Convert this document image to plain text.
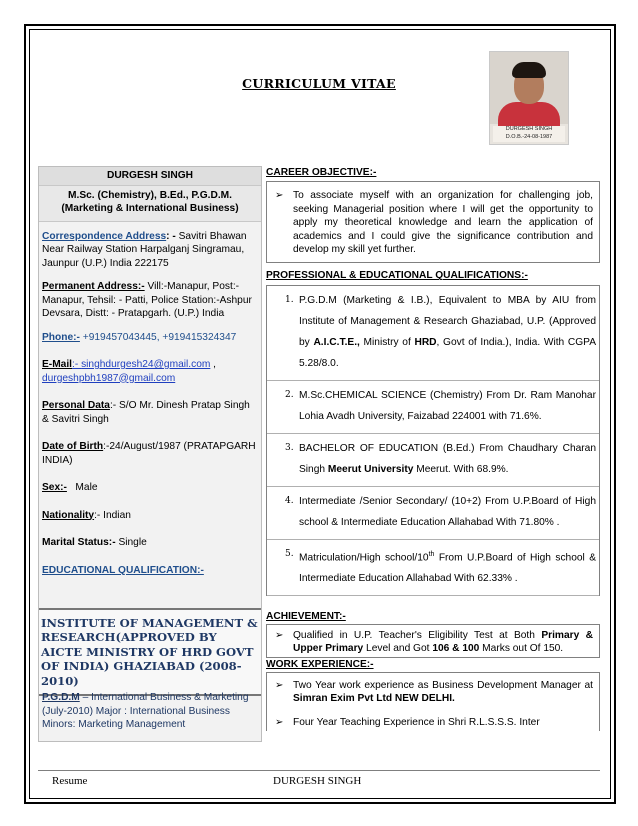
CURRICULUM VITAE
DURGESH SINGH
D.O.B.-24-08-1987
DURGESH SINGH
M.Sc. (Chemistry), B.Ed., P.G.D.M. (Marketing & International Business)
Correspondence Address: - Savitri Bhawan Near Railway Station Harpalganj Singramau, Jaunpur (U.P.) India 222175
Permanent Address:- Vill:-Manapur, Post:-Manapur, Tehsil: - Patti, Police Station:-Ashpur Devsara, Distt: - Pratapgarh. (U.P.) India
Phone:- +919457043445, +919415324347
E-Mail:- singhdurgesh24@gmail.com ,
durgeshpbh1987@gmail.com
Personal Data:- S/O Mr. Dinesh Pratap Singh & Savitri Singh
Date of Birth:-24/August/1987 (PRATAPGARH INDIA)
Sex:- Male
Nationality:- Indian
Marital Status:- Single
EDUCATIONAL QUALIFICATION:-
INSTITUTE OF MANAGEMENT & RESEARCH(APPROVED BY AICTE MINISTRY OF HRD GOVT OF INDIA) GHAZIABAD (2008-2010)
P.G.D.M – International Business & Marketing (July-2010) Major : International Business Minors: Marketing Management
CAREER OBJECTIVE:-
➢ To associate myself with an organization for challenging job, seeking Managerial position where I will get the opportunity to apply my theoretical knowledge and learn the application of academics and I could give the significance contribution and develop my skill yet further.
PROFESSIONAL & EDUCATIONAL QUALIFICATIONS:-
1. P.G.D.M (Marketing & I.B.), Equivalent to MBA by AIU from Institute of Management & Research Ghaziabad, U.P. (Approved by A.I.C.T.E., Ministry of HRD, Govt of India.), India. With CGPA 5.28/8.0.
2. M.Sc.CHEMICAL SCIENCE (Chemistry) From Dr. Ram Manohar Lohia Avadh University, Faizabad 224001 with 71.6%.
3. BACHELOR OF EDUCATION (B.Ed.) From Chaudhary Charan Singh Meerut University Meerut. With 68.9%.
4. Intermediate /Senior Secondary/ (10+2) From U.P.Board of High school & Intermediate Education Allahabad With 71.80% .
5. Matriculation/High school/10th From U.P.Board of High school & Intermediate Education Allahabad With 62.33% .
ACHIEVEMENT:-
➢ Qualified in U.P. Teacher's Eligibility Test at Both Primary & Upper Primary Level and Got 106 & 100 Marks out Of 150.
WORK EXPERIENCE:-
➢ Two Year work experience as Business Development Manager at Simran Exim Pvt Ltd NEW DELHI.
➢ Four Year Teaching Experience in Shri R.L.S.S.S. Inter
Resume	DURGESH SINGH
